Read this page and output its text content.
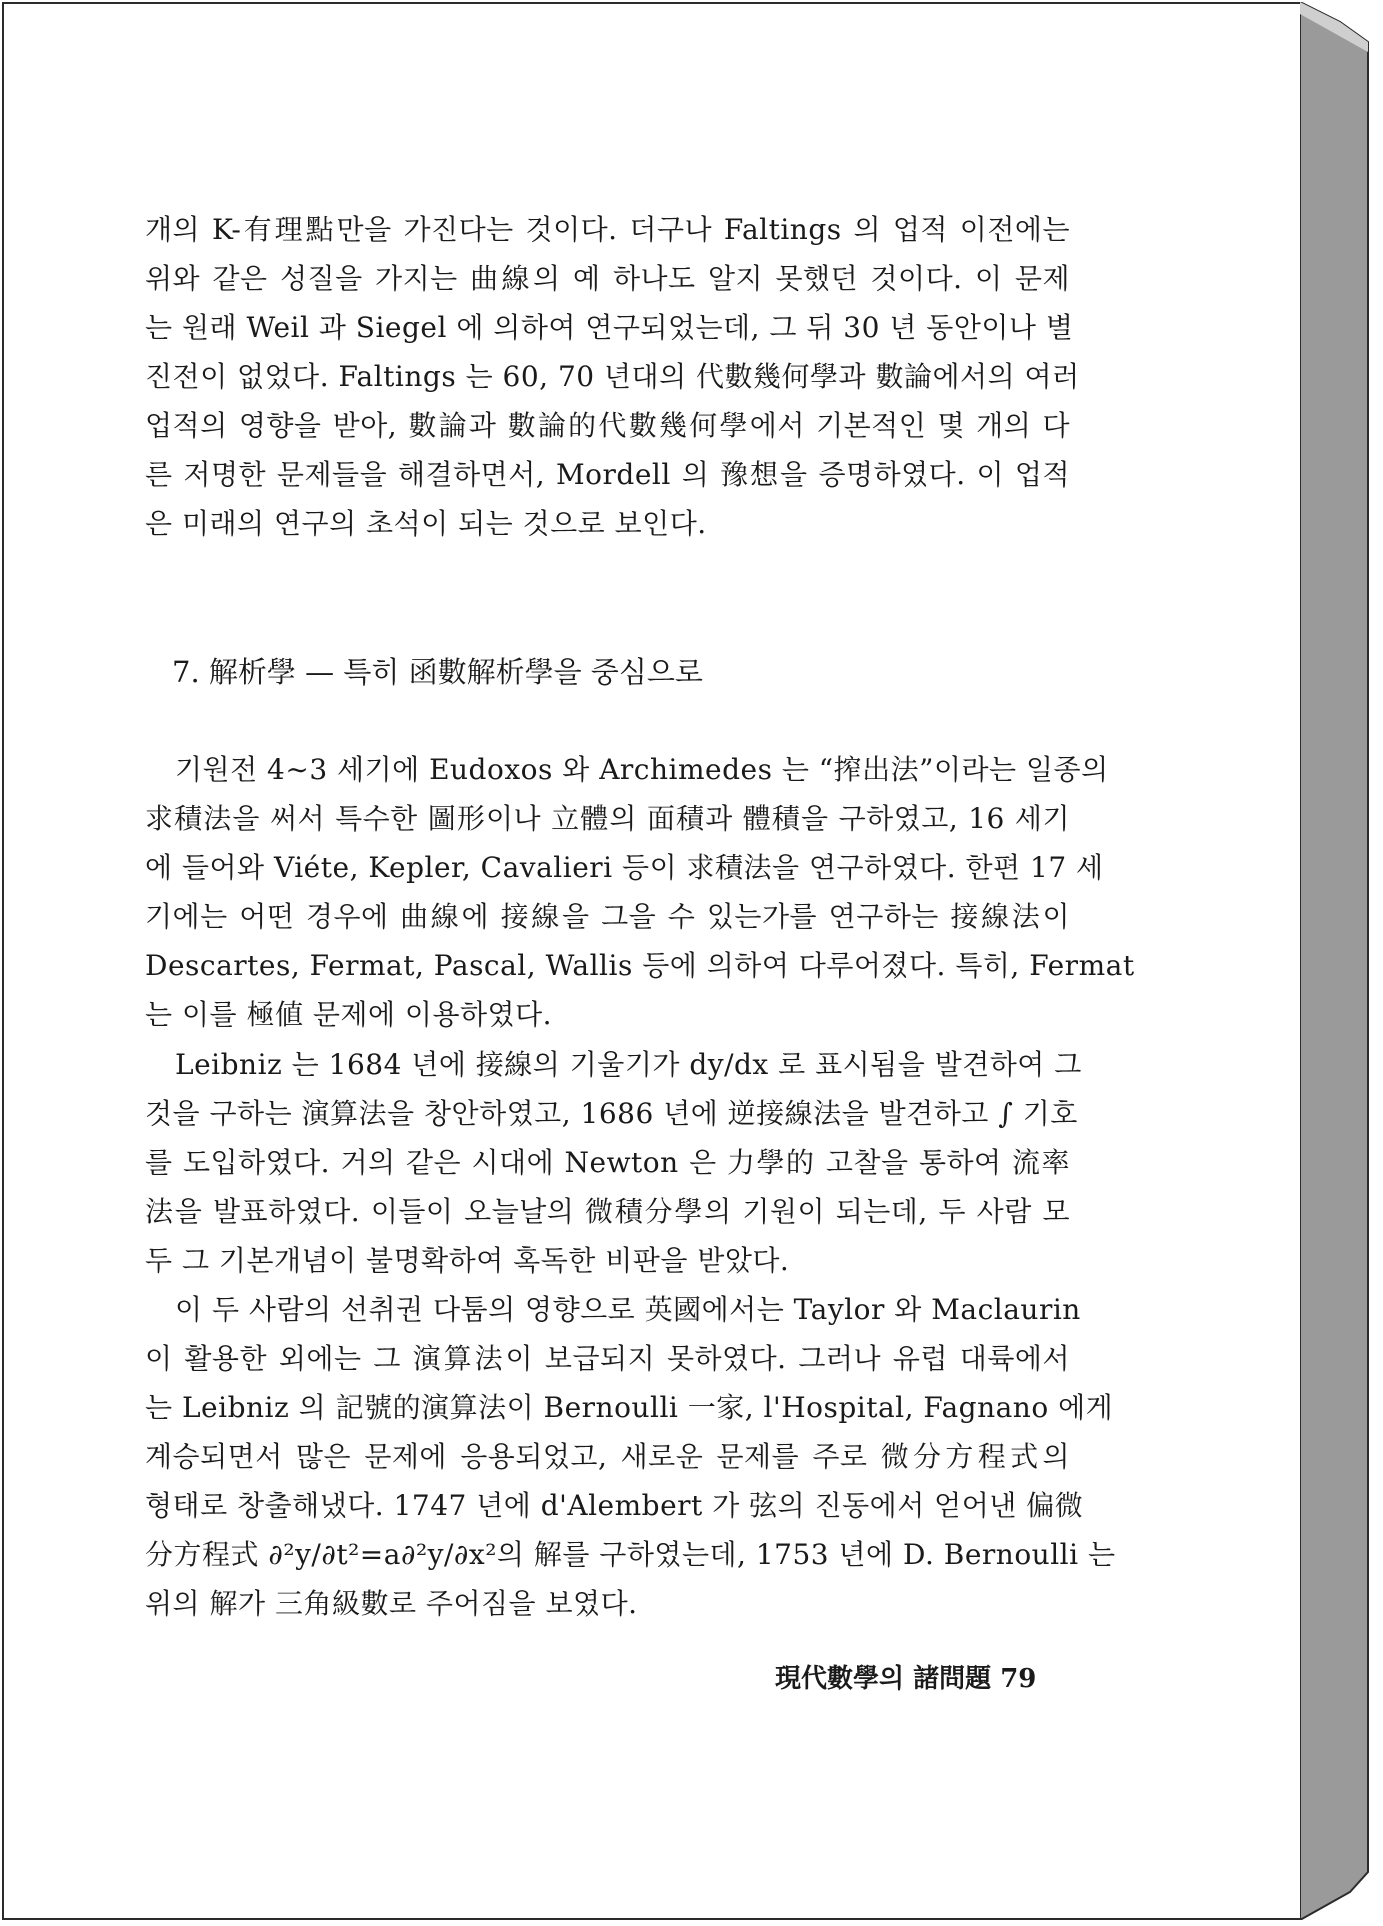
개의 K-有理點만을 가진다는 것이다. 더구나 Faltings 의 업적 이전에는
위와 같은 성질을 가지는 曲線의 예 하나도 알지 못했던 것이다. 이 문제
는 원래 Weil 과 Siegel 에 의하여 연구되었는데, 그 뒤 30 년 동안이나 별
진전이 없었다. Faltings 는 60, 70 년대의 代數幾何學과 數論에서의 여러
업적의 영향을 받아, 數論과 數論的代數幾何學에서 기본적인 몇 개의 다
른 저명한 문제들을 해결하면서, Mordell 의 豫想을 증명하였다. 이 업적
은 미래의 연구의 초석이 되는 것으로 보인다.
7. 解析學 — 특히 函數解析學을 중심으로
기원전 4∼3 세기에 Eudoxos 와 Archimedes 는 “搾出法”이라는 일종의
求積法을 써서 특수한 圖形이나 立體의 面積과 體積을 구하였고, 16 세기
에 들어와 Viéte, Kepler, Cavalieri 등이 求積法을 연구하였다. 한편 17 세
기에는 어떤 경우에 曲線에 接線을 그을 수 있는가를 연구하는 接線法이
Descartes, Fermat, Pascal, Wallis 등에 의하여 다루어졌다. 특히, Fermat
는 이를 極値 문제에 이용하였다.
Leibniz 는 1684 년에 接線의 기울기가 dy/dx 로 표시됨을 발견하여 그
것을 구하는 演算法을 창안하였고, 1686 년에 逆接線法을 발견하고 ∫ 기호
를 도입하였다. 거의 같은 시대에 Newton 은 力學的 고찰을 통하여 流率
法을 발표하였다. 이들이 오늘날의 微積分學의 기원이 되는데, 두 사람 모
두 그 기본개념이 불명확하여 혹독한 비판을 받았다.
이 두 사람의 선취권 다툼의 영향으로 英國에서는 Taylor 와 Maclaurin
이 활용한 외에는 그 演算法이 보급되지 못하였다. 그러나 유럽 대륙에서
는 Leibniz 의 記號的演算法이 Bernoulli 一家, l'Hospital, Fagnano 에게
계승되면서 많은 문제에 응용되었고, 새로운 문제를 주로 微分方程式의
형태로 창출해냈다. 1747 년에 d'Alembert 가 弦의 진동에서 얻어낸 偏微
分方程式 ∂²y/∂t²=a∂²y/∂x²의 解를 구하였는데, 1753 년에 D. Bernoulli 는
위의 解가 三角級數로 주어짐을 보였다.
現代數學의 諸問題 79
